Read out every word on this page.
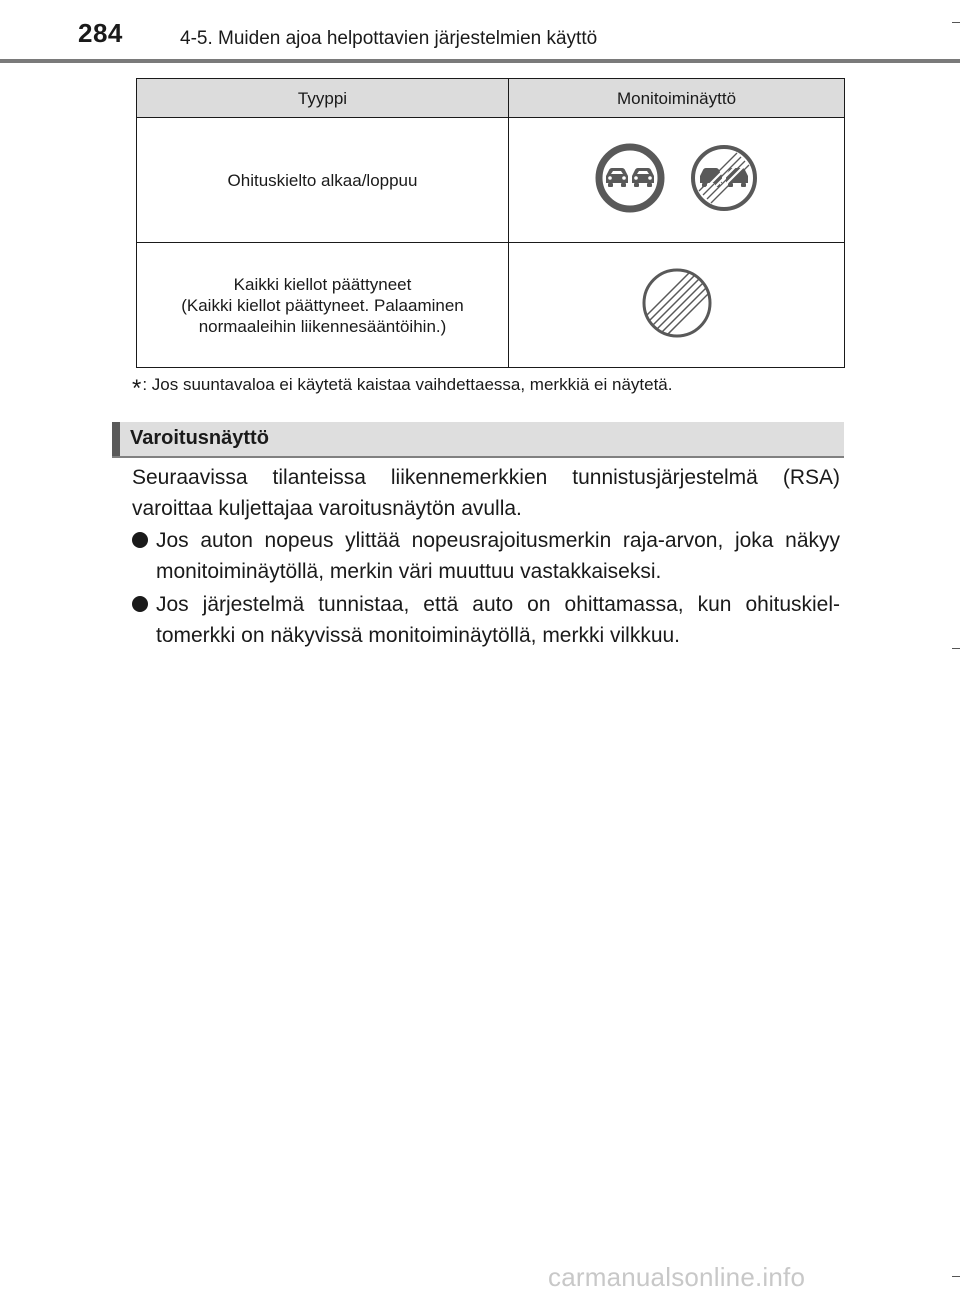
284	4-5. Muiden ajoa helpottavien järjestelmien käyttö
Tyyppi	Monitoiminäyttö
Ohituskielto alkaa/loppuu	

Kaikki kiellot päättyneet
(Kaikki kiellot päättyneet. Palaaminen
normaaleihin liikennesääntöihin.)

*: Jos suuntavaloa ei käytetä kaistaa vaihdettaessa, merkkiä ei näytetä.
Varoitusnäyttö
Seuraavissa tilanteissa liikennemerkkien tunnistusjärjestelmä (RSA) varoittaa kuljettajaa varoitusnäytön avulla.
Jos auton nopeus ylittää nopeusrajoitusmerkin raja-arvon, joka näkyy monitoiminäytöllä, merkin väri muuttuu vastakkaiseksi.
Jos järjestelmä tunnistaa, että auto on ohittamassa, kun ohituskiel-tomerkki on näkyvissä monitoiminäytöllä, merkki vilkkuu.
carmanualsonline.info
